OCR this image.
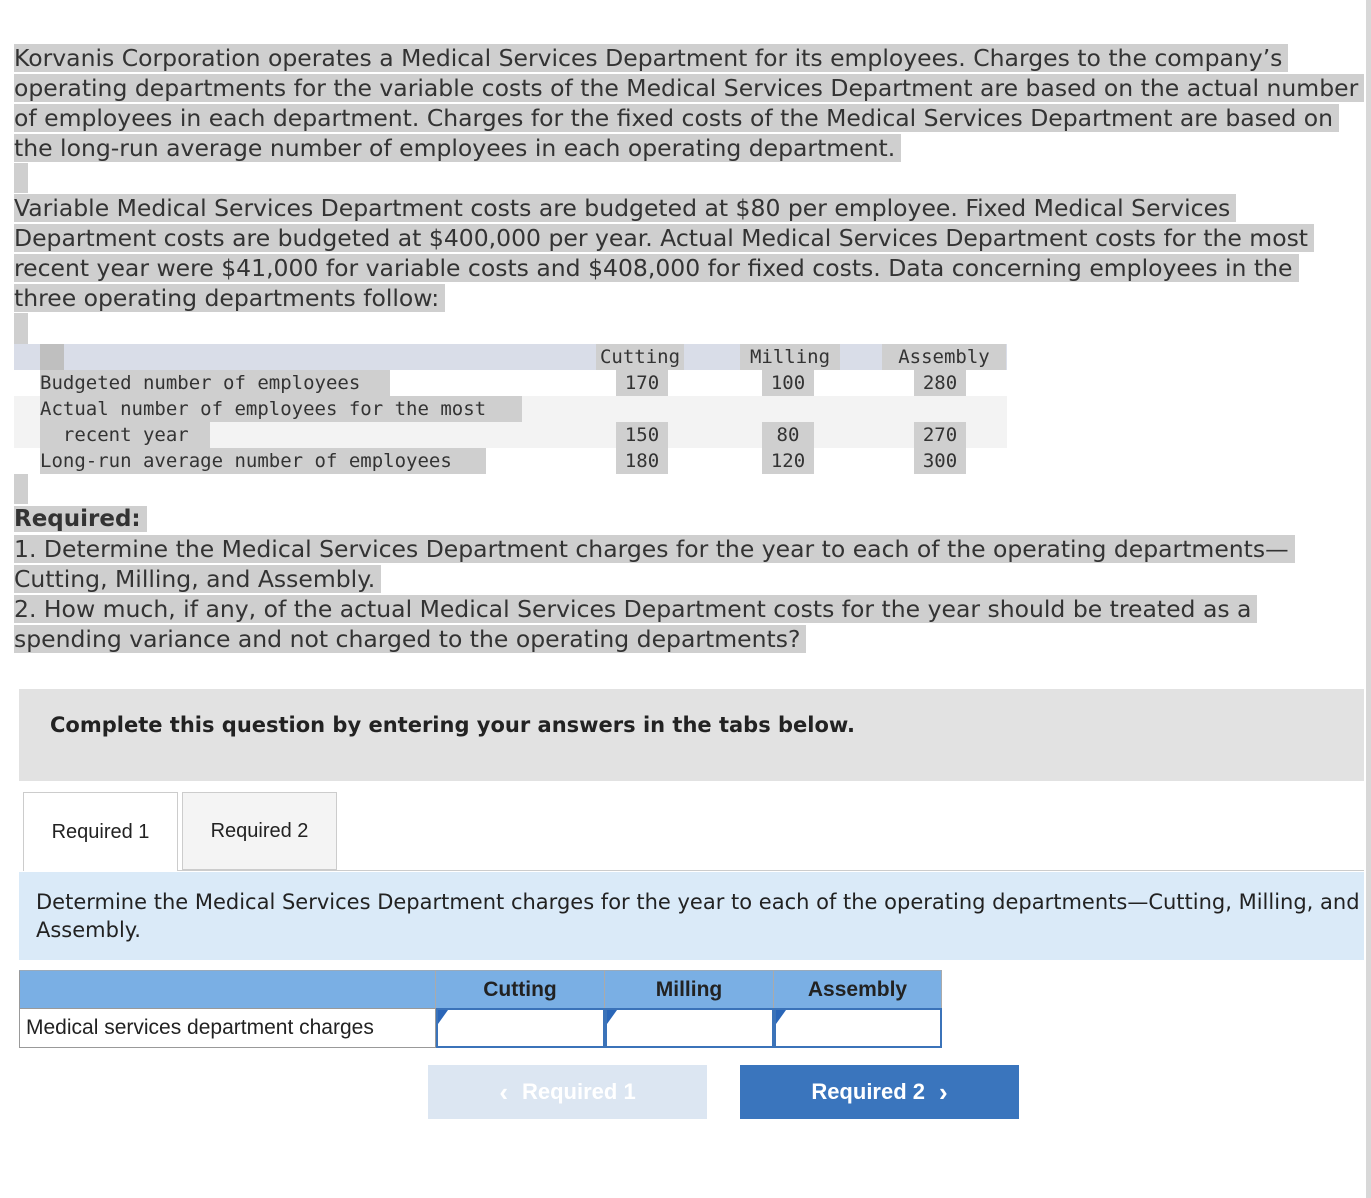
Korvanis Corporation operates a Medical Services Department for its employees. Charges to the company’s
operating departments for the variable costs of the Medical Services Department are based on the actual number
of employees in each department. Charges for the fixed costs of the Medical Services Department are based on
the long-run average number of employees in each operating department.
Variable Medical Services Department costs are budgeted at $80 per employee. Fixed Medical Services
Department costs are budgeted at $400,000 per year. Actual Medical Services Department costs for the most
recent year were $41,000 for variable costs and $408,000 for fixed costs. Data concerning employees in the
three operating departments follow:
Cutting	Milling	Assembly
Budgeted number of employees	170	100	280
Actual number of employees for the most
recent year	150	80	270
Long-run average number of employees	180	120	300
Required:
1. Determine the Medical Services Department charges for the year to each of the operating departments—
Cutting, Milling, and Assembly.
2. How much, if any, of the actual Medical Services Department costs for the year should be treated as a
spending variance and not charged to the operating departments?
Complete this question by entering your answers in the tabs below.
Required 1	Required 2
Determine the Medical Services Department charges for the year to each of the operating departments—Cutting, Milling, and Assembly.
Cutting	Milling	Assembly
Medical services department charges
‹ Required 1	Required 2 ›
